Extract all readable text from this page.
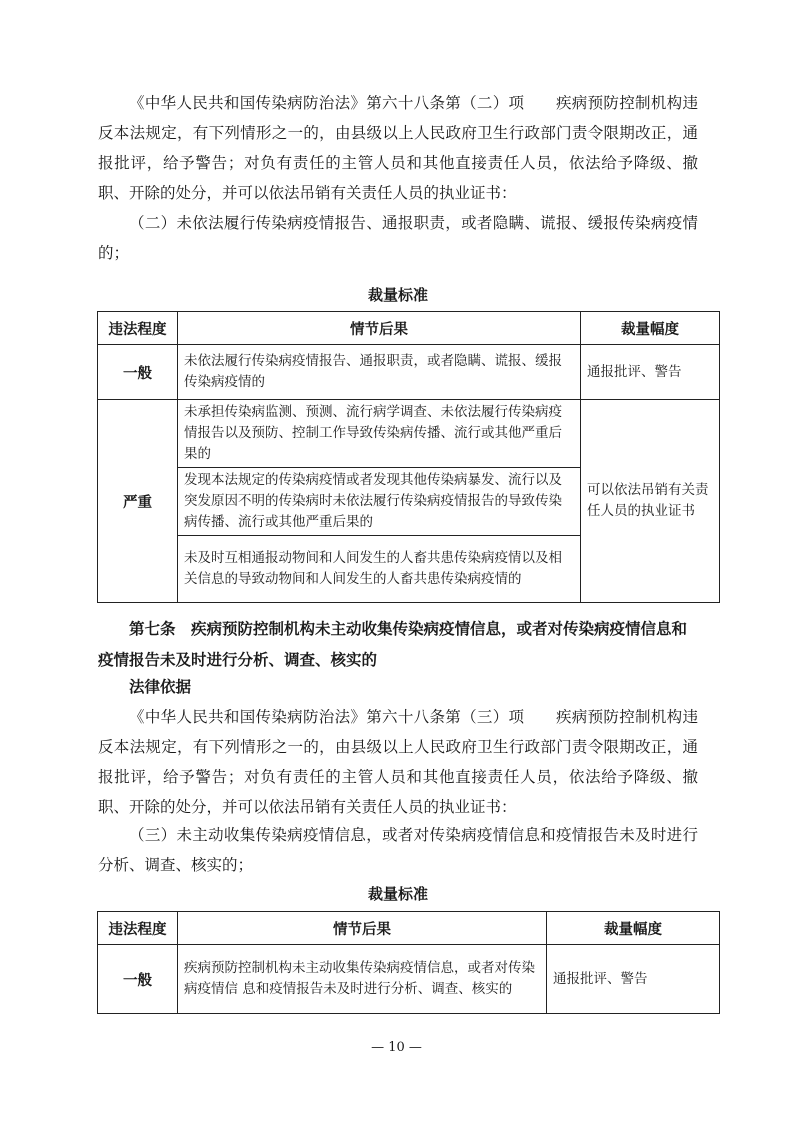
《中华人民共和国传染病防治法》第六十八条第（二）项　　疾病预防控制机构违反本法规定，有下列情形之一的，由县级以上人民政府卫生行政部门责令限期改正，通报批评，给予警告；对负有责任的主管人员和其他直接责任人员，依法给予降级、撤职、开除的处分，并可以依法吊销有关责任人员的执业证书：

（二）未依法履行传染病疫情报告、通报职责，或者隐瞒、谎报、缓报传染病疫情的；

裁量标准

违法程度	情节后果	裁量幅度
一般	未依法履行传染病疫情报告、通报职责，或者隐瞒、谎报、缓报传染病疫情的	通报批评、警告
严重	未承担传染病监测、预测、流行病学调查、未依法履行传染病疫情报告以及预防、控制工作导致传染病传播、流行或其他严重后果的	可以依法吊销有关责任人员的执业证书
	发现本法规定的传染病疫情或者发现其他传染病暴发、流行以及突发原因不明的传染病时未依法履行传染病疫情报告的导致传染病传播、流行或其他严重后果的	
	未及时互相通报动物间和人间发生的人畜共患传染病疫情以及相关信息的导致动物间和人间发生的人畜共患传染病疫情的	

第七条　疾病预防控制机构未主动收集传染病疫情信息，或者对传染病疫情信息和疫情报告未及时进行分析、调查、核实的

法律依据

《中华人民共和国传染病防治法》第六十八条第（三）项　　疾病预防控制机构违反本法规定，有下列情形之一的，由县级以上人民政府卫生行政部门责令限期改正，通报批评，给予警告；对负有责任的主管人员和其他直接责任人员，依法给予降级、撤职、开除的处分，并可以依法吊销有关责任人员的执业证书：

（三）未主动收集传染病疫情信息，或者对传染病疫情信息和疫情报告未及时进行分析、调查、核实的；

裁量标准

违法程度	情节后果	裁量幅度
一般	疾病预防控制机构未主动收集传染病疫情信息，或者对传染病疫情信 息和疫情报告未及时进行分析、调查、核实的	通报批评、警告

— 10 —
